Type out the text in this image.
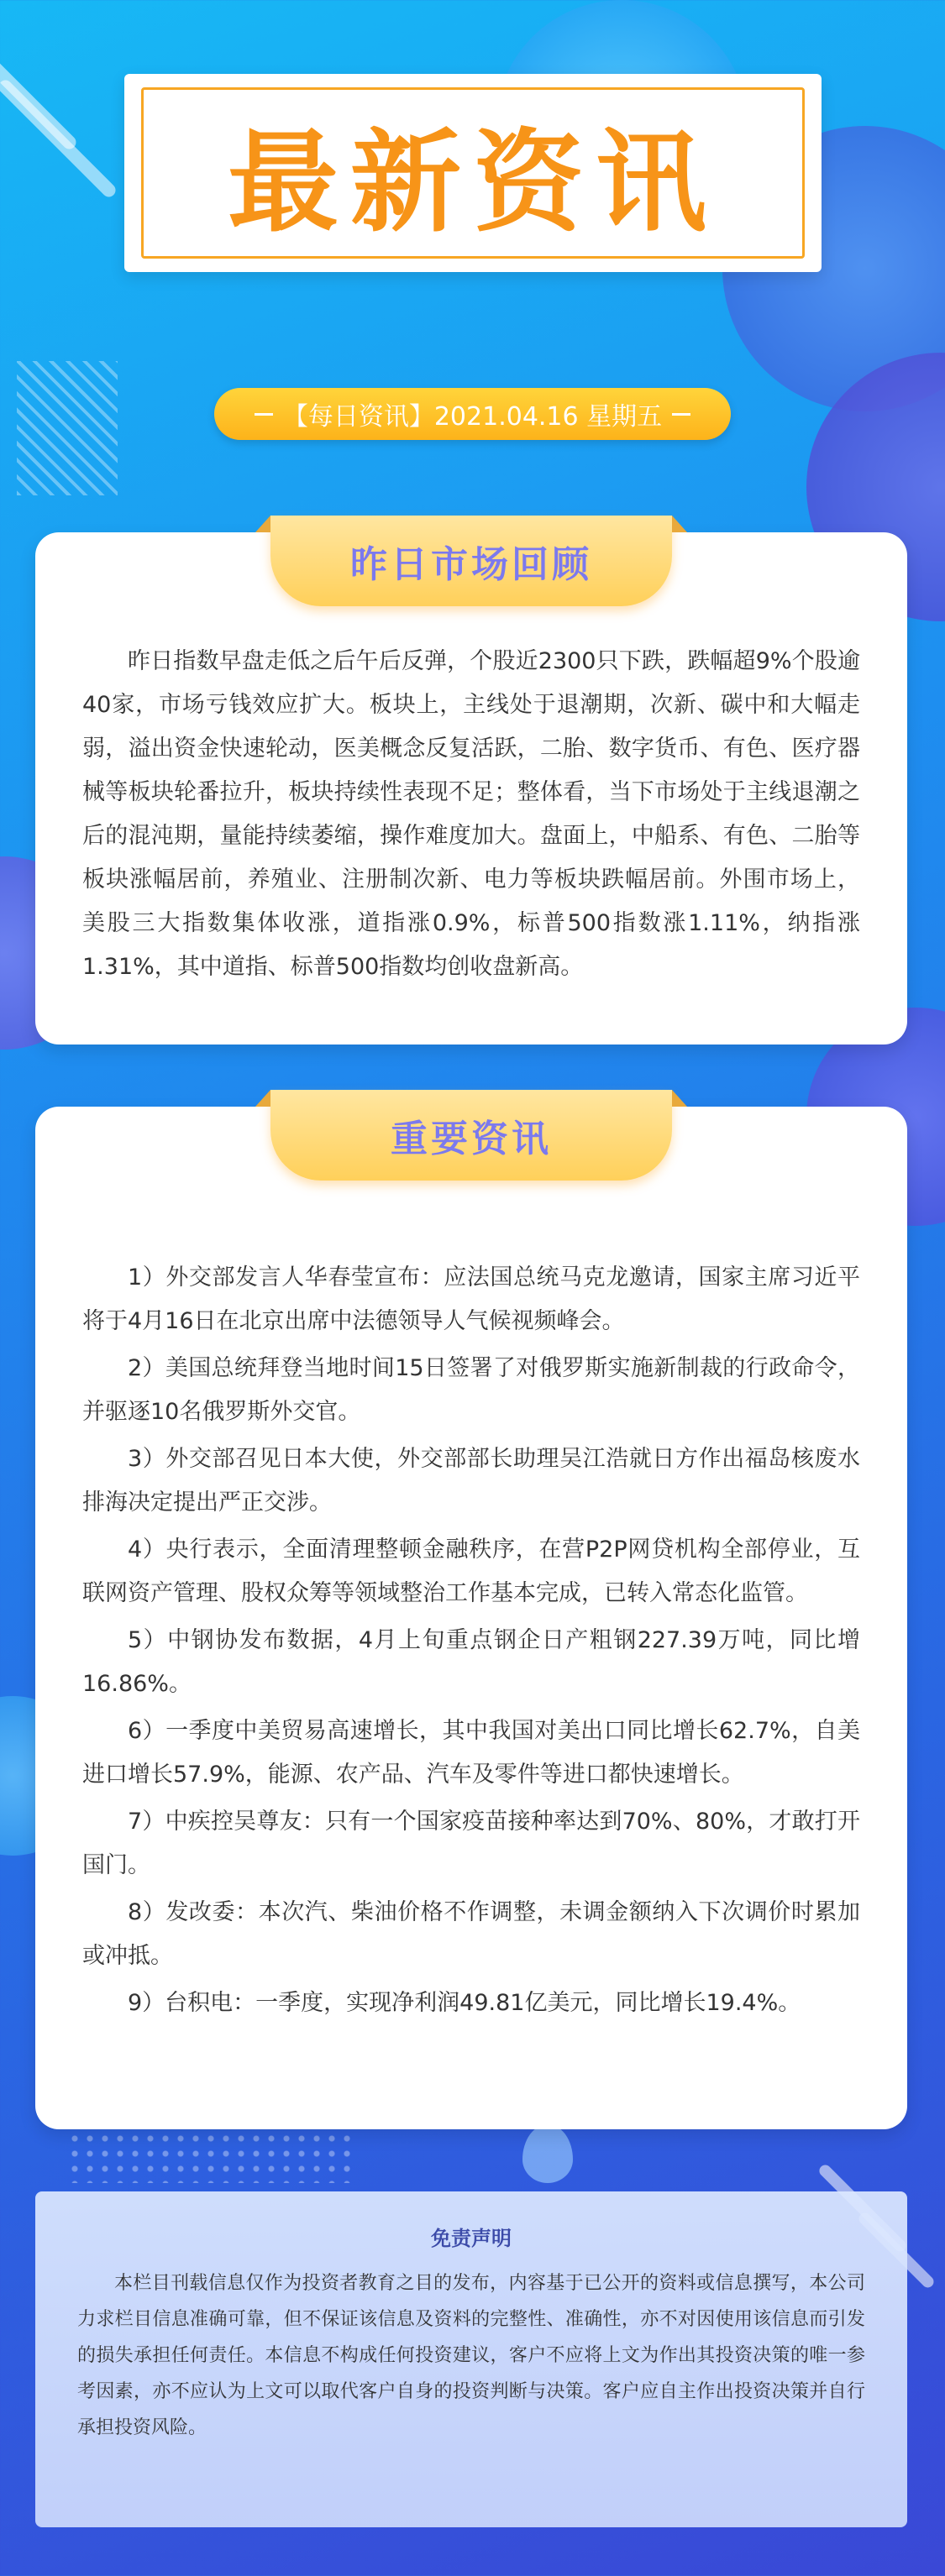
最新资讯
【每日资讯】2021.04.16 星期五
昨日市场回顾

昨日指数早盘走低之后午后反弹，个股近2300只下跌，跌幅超9%个股逾40家，市场亏钱效应扩大。板块上，主线处于退潮期，次新、碳中和大幅走弱，溢出资金快速轮动，医美概念反复活跃，二胎、数字货币、有色、医疗器械等板块轮番拉升，板块持续性表现不足；整体看，当下市场处于主线退潮之后的混沌期，量能持续萎缩，操作难度加大。盘面上，中船系、有色、二胎等板块涨幅居前，养殖业、注册制次新、电力等板块跌幅居前。外围市场上， 美股三大指数集体收涨，道指涨0.9%，标普500指数涨1.11%，纳指涨1.31%，其中道指、标普500指数均创收盘新高。

重要资讯

1）外交部发言人华春莹宣布：应法国总统马克龙邀请，国家主席习近平将于4月16日在北京出席中法德领导人气候视频峰会。

2）美国总统拜登当地时间15日签署了对俄罗斯实施新制裁的行政命令，并驱逐10名俄罗斯外交官。

3）外交部召见日本大使，外交部部长助理吴江浩就日方作出福岛核废水排海决定提出严正交涉。

4）央行表示，全面清理整顿金融秩序，在营P2P网贷机构全部停业，互联网资产管理、股权众筹等领域整治工作基本完成，已转入常态化监管。

5）中钢协发布数据，4月上旬重点钢企日产粗钢227.39万吨，同比增16.86%。

6）一季度中美贸易高速增长，其中我国对美出口同比增长62.7%，自美进口增长57.9%，能源、农产品、汽车及零件等进口都快速增长。

7）中疾控吴尊友：只有一个国家疫苗接种率达到70%、80%，才敢打开国门。

8）发改委：本次汽、柴油价格不作调整，未调金额纳入下次调价时累加或冲抵。

9）台积电：一季度，实现净利润49.81亿美元，同比增长19.4%。

免责声明

本栏目刊载信息仅作为投资者教育之目的发布，内容基于已公开的资料或信息撰写，本公司力求栏目信息准确可靠，但不保证该信息及资料的完整性、准确性，亦不对因使用该信息而引发的损失承担任何责任。本信息不构成任何投资建议，客户不应将上文为作出其投资决策的唯一参考因素，亦不应认为上文可以取代客户自身的投资判断与决策。客户应自主作出投资决策并自行承担投资风险。
